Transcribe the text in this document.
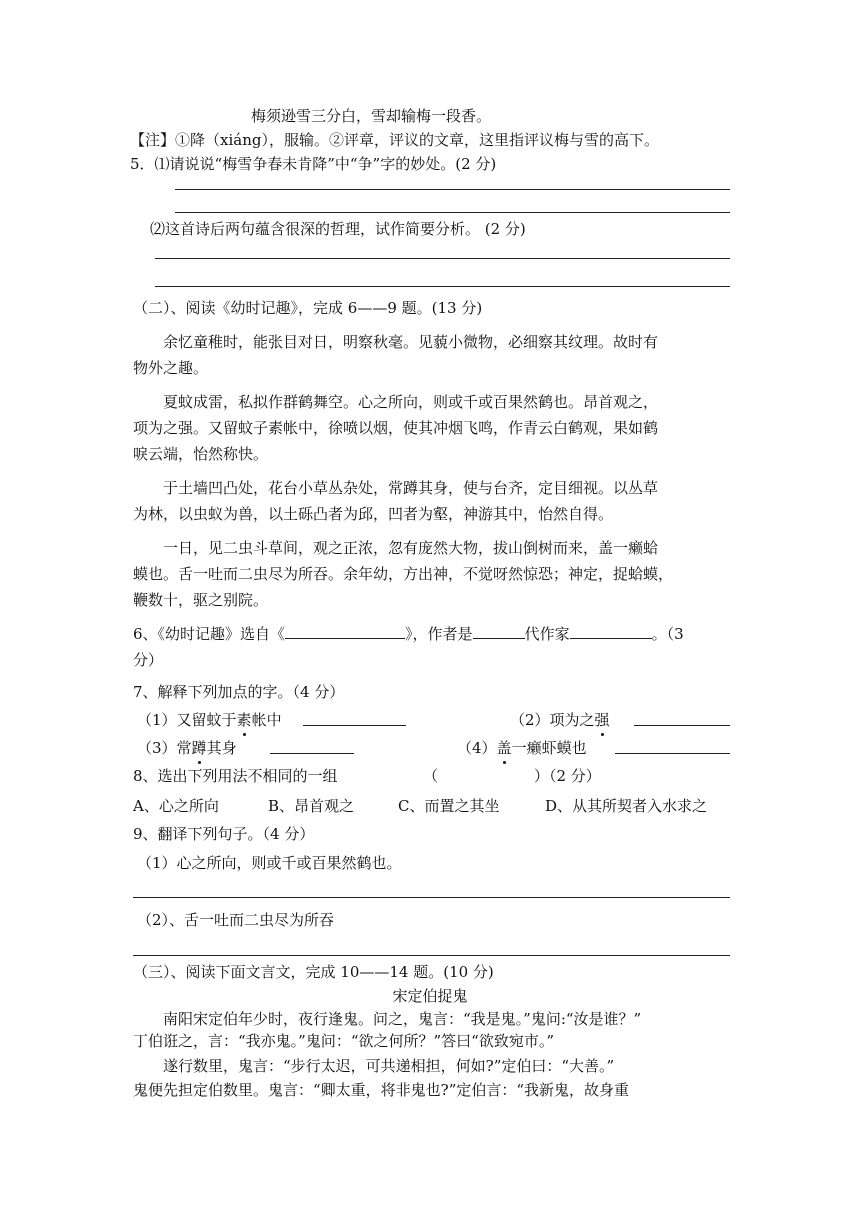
梅须逊雪三分白，雪却输梅一段香。
【注】①降（xiáng），服输。②评章，评议的文章，这里指评议梅与雪的高下。
5．⑴请说说“梅雪争春未肯降”中“争”字的妙处。(2 分)
⑵这首诗后两句蕴含很深的哲理，试作简要分析。 (2 分)
（二）、阅读《幼时记趣》，完成 6——9 题。(13 分)
余忆童稚时，能张目对日，明察秋毫。见藐小微物，必细察其纹理。故时有
物外之趣。
夏蚊成雷，私拟作群鹤舞空。心之所向，则或千或百果然鹤也。昂首观之，
项为之强。又留蚊子素帐中，徐喷以烟，使其冲烟飞鸣，作青云白鹤观，果如鹤
唳云端，怡然称快。
于土墙凹凸处，花台小草丛杂处，常蹲其身，使与台齐，定目细视。以丛草
为林，以虫蚁为兽，以土砾凸者为邱，凹者为壑，神游其中，怡然自得。
一日，见二虫斗草间，观之正浓，忽有庞然大物，拔山倒树而来，盖一癞蛤
蟆也。舌一吐而二虫尽为所吞。余年幼，方出神，不觉呀然惊恐；神定，捉蛤蟆，
鞭数十，驱之别院。
6、《幼时记趣》选自《	》，作者是	代作家	。（3
分）
7、解释下列加点的字。（4 分）
（1）又留蚊于素帐中	（2）项为之强
（3）常蹲其身	（4）盖一癞虾蟆也
8、选出下列用法不相同的一组	（	）（2 分）
A、心之所向	B、昂首观之	C、而置之其坐	D、从其所契者入水求之
9、翻译下列句子。（4 分）
（1）心之所向，则或千或百果然鹤也。
（2）、舌一吐而二虫尽为所吞
（三）、阅读下面文言文，完成 10——14 题。(10 分)
宋定伯捉鬼
南阳宋定伯年少时，夜行逢鬼。问之，鬼言：“我是鬼。”鬼问:“汝是谁？”
丁伯诳之，言：“我亦鬼。”鬼问：“欲之何所？”答曰“欲致宛市。”
遂行数里，鬼言：“步行太迟，可共递相担，何如?”定伯曰：“大善。”
鬼便先担定伯数里。鬼言：“卿太重，将非鬼也?”定伯言：“我新鬼，故身重
